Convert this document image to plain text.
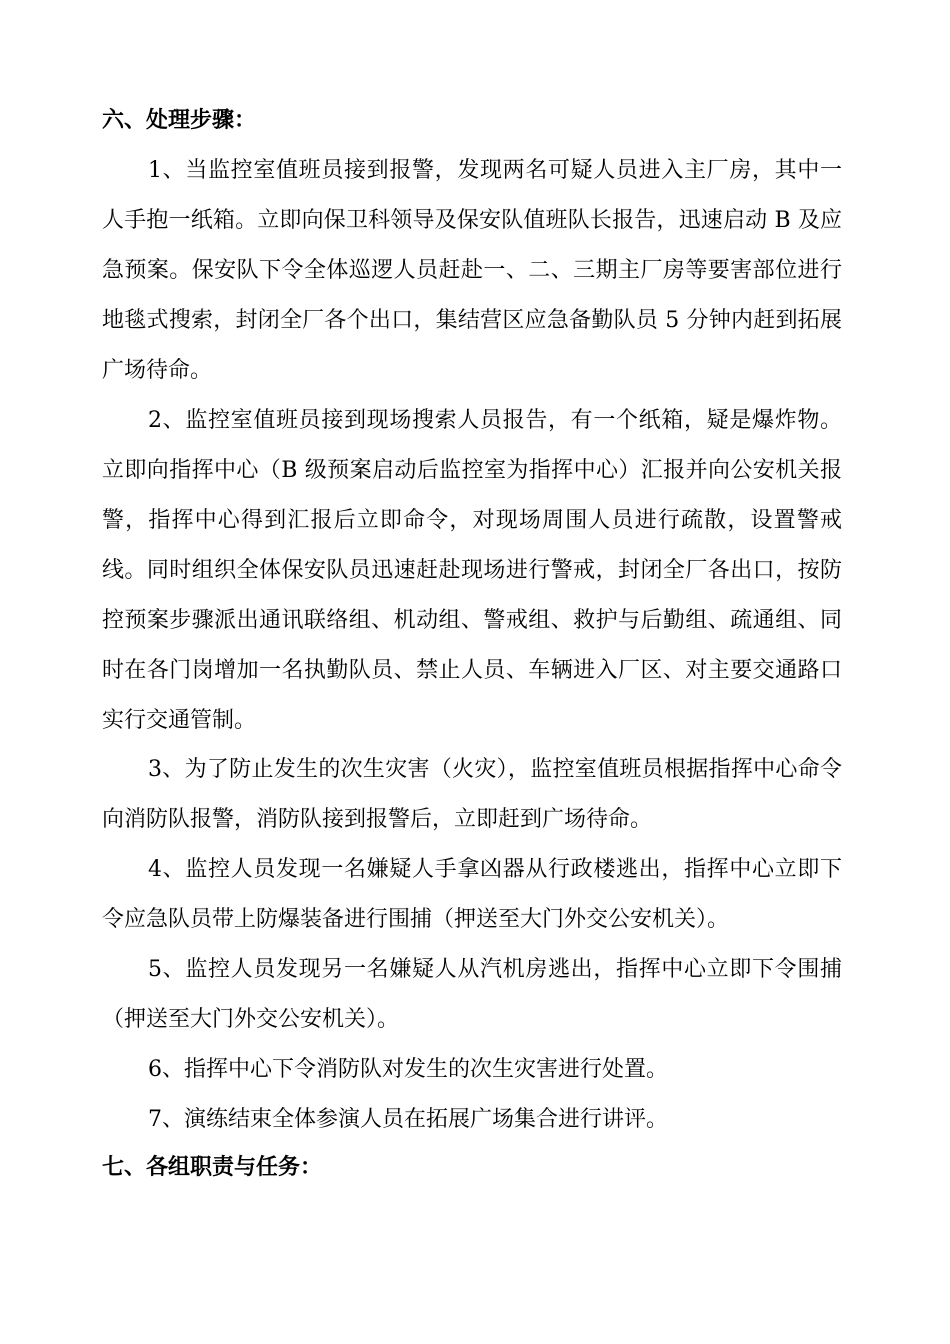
六、处理步骤：

1、当监控室值班员接到报警，发现两名可疑人员进入主厂房，其中一人手抱一纸箱。立即向保卫科领导及保安队值班队长报告，迅速启动 B 及应急预案。保安队下令全体巡逻人员赶赴一、二、三期主厂房等要害部位进行地毯式搜索，封闭全厂各个出口，集结营区应急备勤队员 5 分钟内赶到拓展广场待命。

2、监控室值班员接到现场搜索人员报告，有一个纸箱，疑是爆炸物。立即向指挥中心（B 级预案启动后监控室为指挥中心）汇报并向公安机关报警，指挥中心得到汇报后立即命令，对现场周围人员进行疏散，设置警戒线。同时组织全体保安队员迅速赶赴现场进行警戒，封闭全厂各出口，按防控预案步骤派出通讯联络组、机动组、警戒组、救护与后勤组、疏通组、同时在各门岗增加一名执勤队员、禁止人员、车辆进入厂区、对主要交通路口实行交通管制。

3、为了防止发生的次生灾害（火灾），监控室值班员根据指挥中心命令向消防队报警，消防队接到报警后，立即赶到广场待命。

4、监控人员发现一名嫌疑人手拿凶器从行政楼逃出，指挥中心立即下令应急队员带上防爆装备进行围捕（押送至大门外交公安机关）。

5、监控人员发现另一名嫌疑人从汽机房逃出，指挥中心立即下令围捕（押送至大门外交公安机关）。

6、指挥中心下令消防队对发生的次生灾害进行处置。

7、演练结束全体参演人员在拓展广场集合进行讲评。

七、各组职责与任务：
